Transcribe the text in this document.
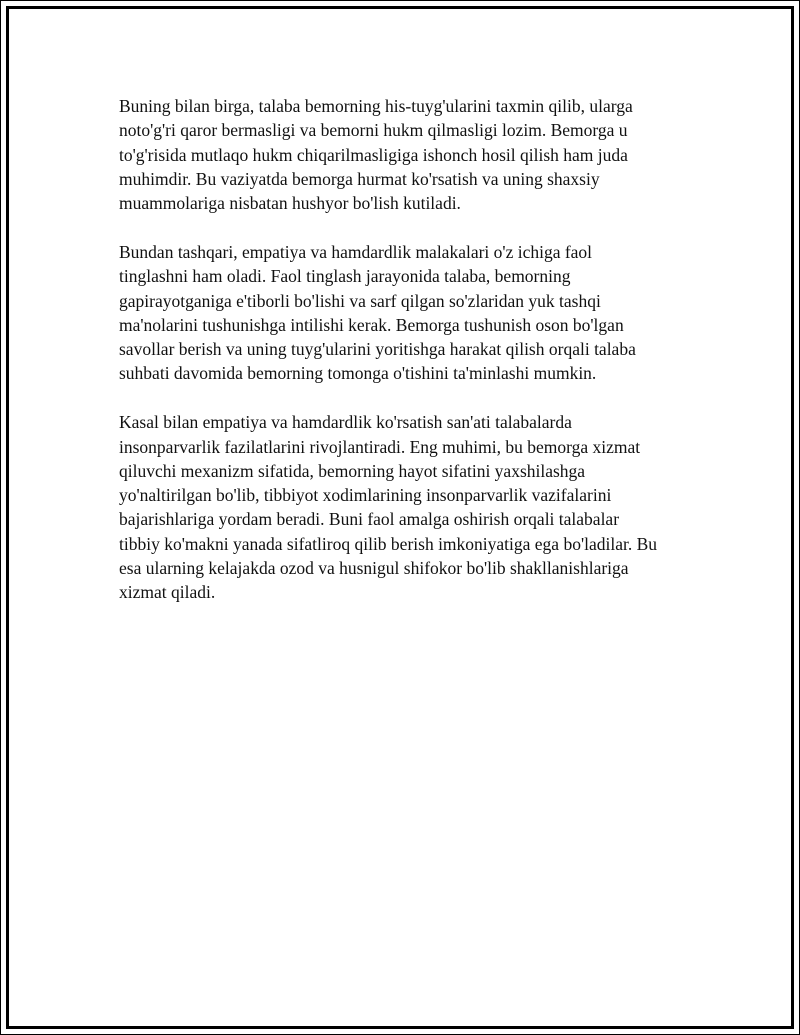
Buning bilan birga, talaba bemorning his-tuyg'ularini taxmin qilib, ularga
noto'g'ri qaror bermasligi va bemorni hukm qilmasligi lozim. Bemorga u
to'g'risida mutlaqo hukm chiqarilmasligiga ishonch hosil qilish ham juda
muhimdir. Bu vaziyatda bemorga hurmat ko'rsatish va uning shaxsiy
muammolariga nisbatan hushyor bo'lish kutiladi.

Bundan tashqari, empatiya va hamdardlik malakalari o'z ichiga faol
tinglashni ham oladi. Faol tinglash jarayonida talaba, bemorning
gapirayotganiga e'tiborli bo'lishi va sarf qilgan so'zlaridan yuk tashqi
ma'nolarini tushunishga intilishi kerak. Bemorga tushunish oson bo'lgan
savollar berish va uning tuyg'ularini yoritishga harakat qilish orqali talaba
suhbati davomida bemorning tomonga o'tishini ta'minlashi mumkin.

Kasal bilan empatiya va hamdardlik ko'rsatish san'ati talabalarda
insonparvarlik fazilatlarini rivojlantiradi. Eng muhimi, bu bemorga xizmat
qiluvchi mexanizm sifatida, bemorning hayot sifatini yaxshilashga
yo'naltirilgan bo'lib, tibbiyot xodimlarining insonparvarlik vazifalarini
bajarishlariga yordam beradi. Buni faol amalga oshirish orqali talabalar
tibbiy ko'makni yanada sifatliroq qilib berish imkoniyatiga ega bo'ladilar. Bu
esa ularning kelajakda ozod va husnigul shifokor bo'lib shakllanishlariga
xizmat qiladi.
